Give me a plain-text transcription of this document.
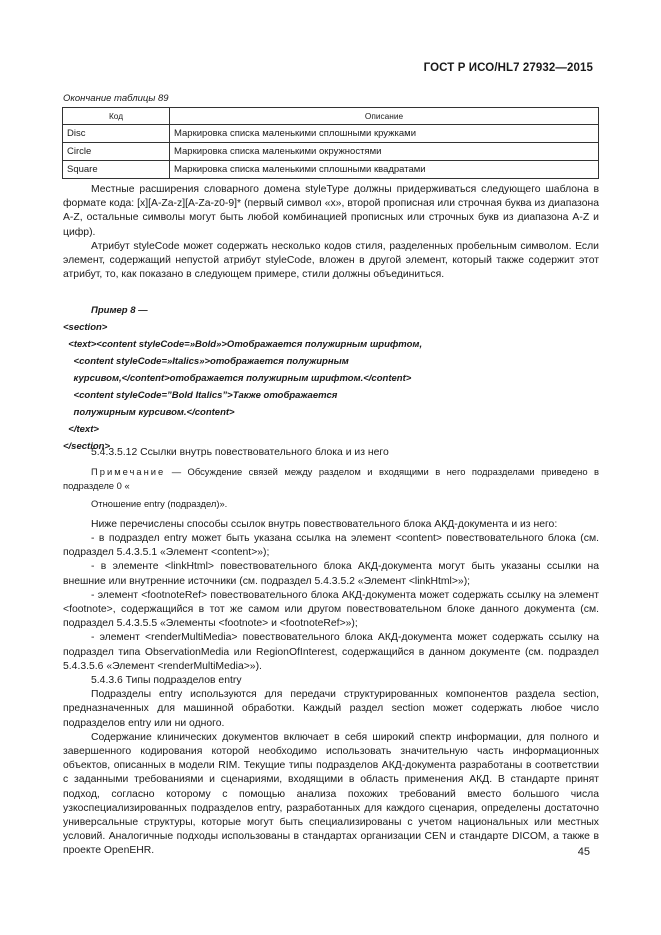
ГОСТ Р ИСО/HL7 27932—2015
Окончание таблицы 89
Код	Описание
Disc	Маркировка списка маленькими сплошными кружками
Circle	Маркировка списка маленькими окружностями
Square	Маркировка списка маленькими сплошными квадратами

Местные расширения словарного домена styleType должны придерживаться следующего шаблона в формате кода: [x][A-Za-z][A-Za-z0-9]* (первый символ «x», второй прописная или строчная буква из диапазона A-Z, остальные символы могут быть любой комбинацией прописных или строчных букв из диапазона A-Z и цифр).

Атрибут styleCode может содержать несколько кодов стиля, разделенных пробельным символом. Если элемент, содержащий непустой атрибут styleCode, вложен в другой элемент, который также содержит этот атрибут, то, как показано в следующем примере, стили должны объединиться.

Пример 8 —
<section>
<text><content styleCode=»Bold»>Отображается полужирным шрифтом,
<content styleCode=»Italics»>отображается полужирным
курсивом,</content>отображается полужирным шрифтом.</content>
<content styleCode=”Bold Italics”>Также отображается
полужирным курсивом.</content>
</text>
</section>

5.4.3.5.12 Ссылки внутрь повествовательного блока и из него

Примечание — Обсуждение связей между разделом и входящими в него подразделами приведено в подразделе 0 «

Отношение entry (подраздел)».

Ниже перечислены способы ссылок внутрь повествовательного блока АКД-документа и из него:

- в подраздел entry может быть указана ссылка на элемент <content> повествовательного блока (см. подраздел 5.4.3.5.1 «Элемент <content>»);

- в элементе <linkHtml> повествовательного блока АКД-документа могут быть указаны ссылки на внешние или внутренние источники (см. подраздел 5.4.3.5.2 «Элемент <linkHtml>»);

- элемент <footnoteRef> повествовательного блока АКД-документа может содержать ссылку на элемент <footnote>, содержащийся в тот же самом или другом повествовательном блоке данного документа (см. подраздел 5.4.3.5.5 «Элементы <footnote> и <footnoteRef>»);

- элемент <renderMultiMedia> повествовательного блока АКД-документа может содержать ссылку на подраздел типа ObservationMedia или RegionOfInterest, содержащийся в данном документе (см. подраздел 5.4.3.5.6 «Элемент <renderMultiMedia>»).

5.4.3.6 Типы подразделов entry

Подразделы entry используются для передачи структурированных компонентов раздела section, предназначенных для машинной обработки. Каждый раздел section может содержать любое число подразделов entry или ни одного.

Содержание клинических документов включает в себя широкий спектр информации, для полного и завершенного кодирования которой необходимо использовать значительную часть информационных объектов, описанных в модели RIM. Текущие типы подразделов АКД-документа разработаны в соответствии с заданными требованиями и сценариями, входящими в область применения АКД. В стандарте принят подход, согласно которому с помощью анализа похожих требований вместо большого числа узкоспециализированных подразделов entry, разработанных для каждого сценария, определены достаточно универсальные структуры, которые могут быть специализированы с учетом национальных или местных условий. Аналогичные подходы использованы в стандартах организации CEN и стандарте DICOM, а также в проекте OpenEHR.	45
